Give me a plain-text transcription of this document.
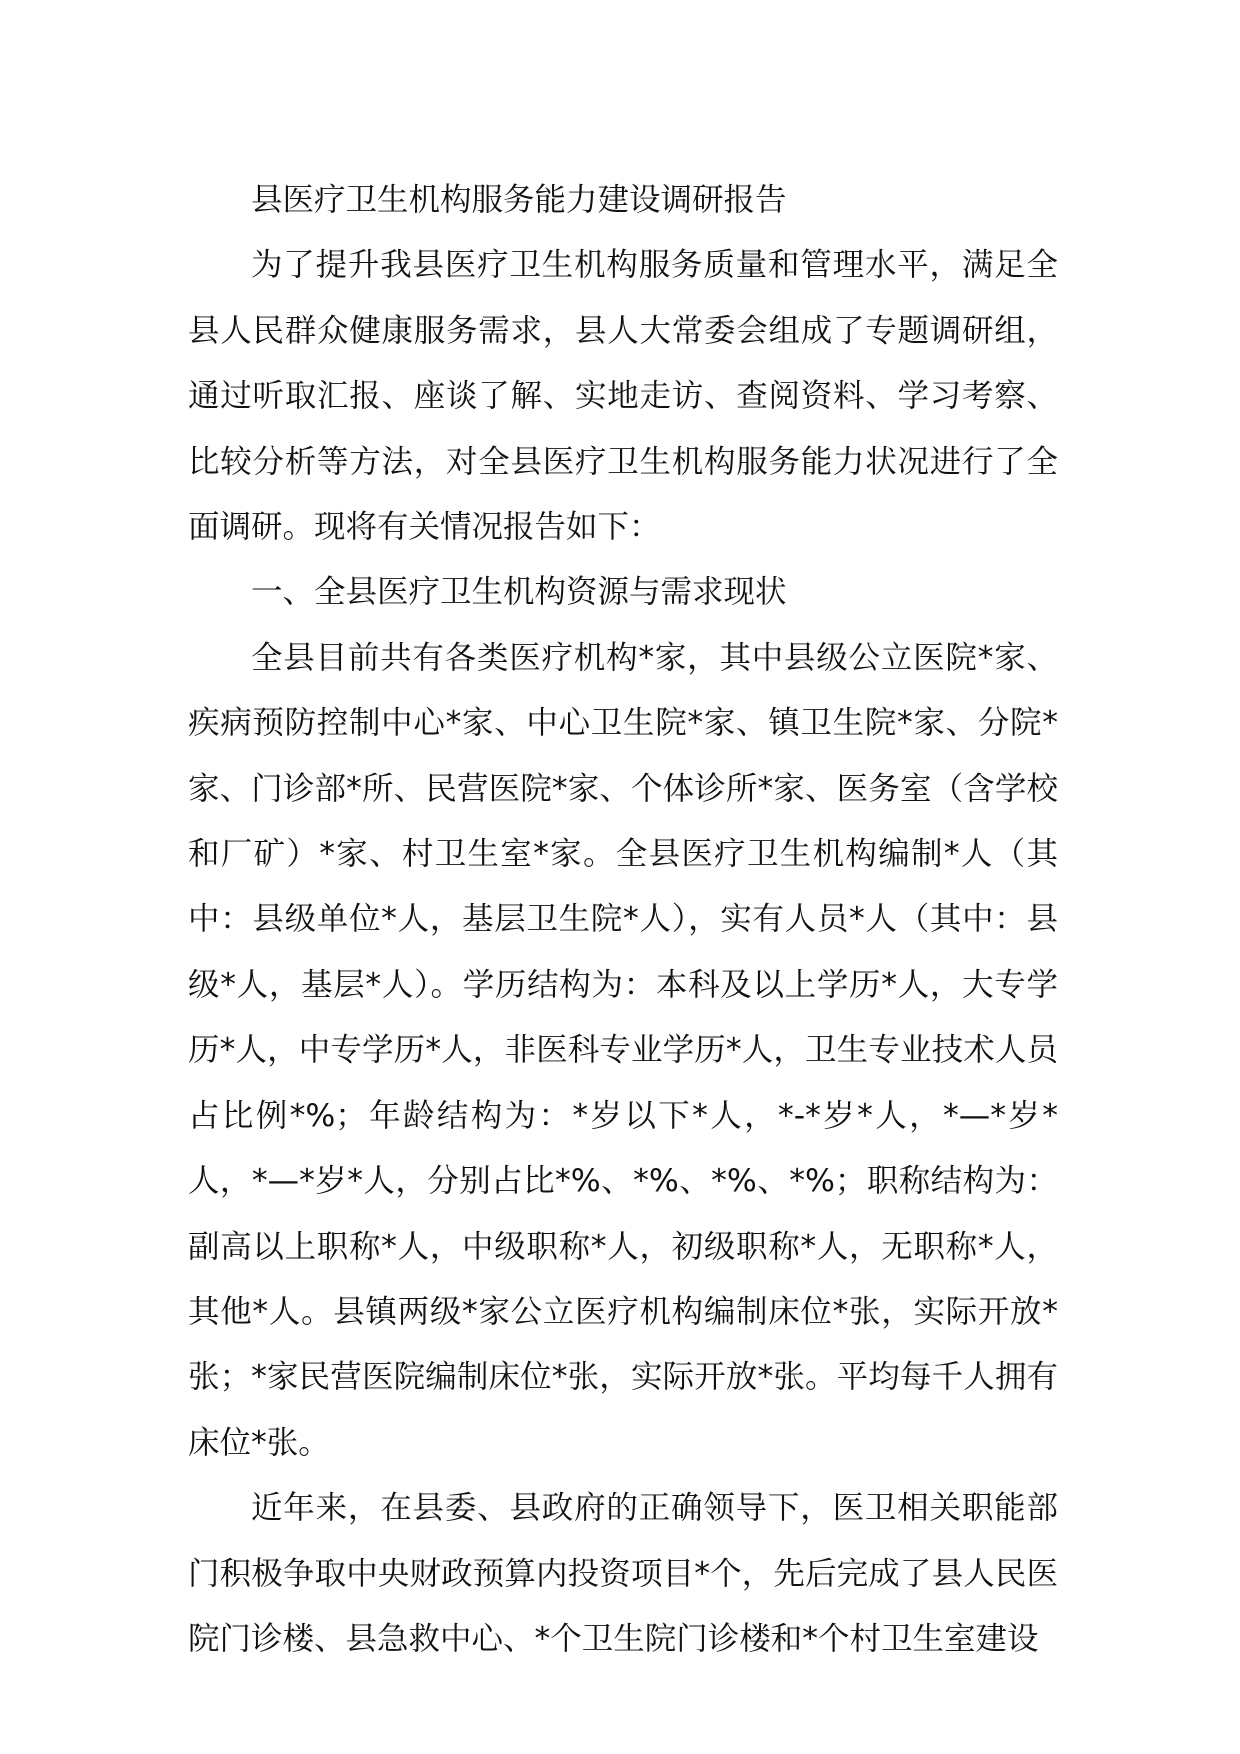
县医疗卫生机构服务能力建设调研报告

为了提升我县医疗卫生机构服务质量和管理水平，满足全县人民群众健康服务需求，县人大常委会组成了专题调研组，通过听取汇报、座谈了解、实地走访、查阅资料、学习考察、比较分析等方法，对全县医疗卫生机构服务能力状况进行了全面调研。现将有关情况报告如下：

一、全县医疗卫生机构资源与需求现状

全县目前共有各类医疗机构*家，其中县级公立医院*家、疾病预防控制中心*家、中心卫生院*家、镇卫生院*家、分院*家、门诊部*所、民营医院*家、个体诊所*家、医务室（含学校和厂矿）*家、村卫生室*家。全县医疗卫生机构编制*人（其中：县级单位*人，基层卫生院*人），实有人员*人（其中：县级*人，基层*人）。学历结构为：本科及以上学历*人，大专学历*人，中专学历*人，非医科专业学历*人，卫生专业技术人员占比例*%；年龄结构为：*岁以下*人，*-*岁*人，*—*岁*人，*—*岁*人，分别占比*%、*%、*%、*%；职称结构为：副高以上职称*人，中级职称*人，初级职称*人，无职称*人，其他*人。县镇两级*家公立医疗机构编制床位*张，实际开放*张；*家民营医院编制床位*张，实际开放*张。平均每千人拥有床位*张。

近年来，在县委、县政府的正确领导下，医卫相关职能部门积极争取中央财政预算内投资项目*个，先后完成了县人民医院门诊楼、县急救中心、*个卫生院门诊楼和*个村卫生室建设
